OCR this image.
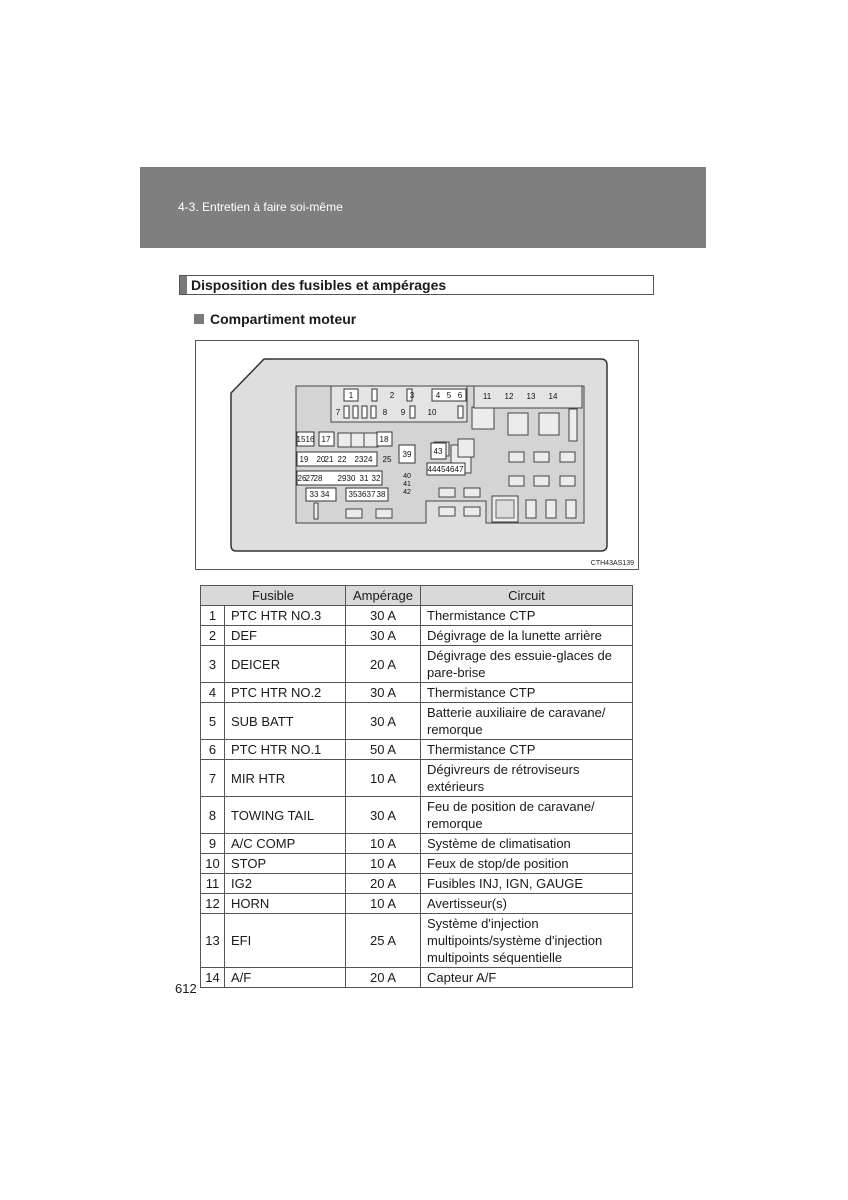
4-3. Entretien à faire soi-même
Disposition des fusibles et ampérages
Compartiment moteur
1	2 3	4 5 6
7	8 9	10
11 12 13 14
15 16 17	18
39	43
19 20 21 22 23 24 25
26 27 28 29 30 31 32
33 34 35 36 37 38
40
41
42
44 45 46 47
CTH43AS139
Fusible		Ampérage	Circuit
1	PTC HTR NO.3	30 A	Thermistance CTP
2	DEF	30 A	Dégivrage de la lunette arrière
3	DEICER	20 A	Dégivrage des essuie-glaces de pare-brise
4	PTC HTR NO.2	30 A	Thermistance CTP
5	SUB BATT	30 A	Batterie auxiliaire de caravane/ remorque
6	PTC HTR NO.1	50 A	Thermistance CTP
7	MIR HTR	10 A	Dégivreurs de rétroviseurs extérieurs
8	TOWING TAIL	30 A	Feu de position de caravane/ remorque
9	A/C COMP	10 A	Système de climatisation
10	STOP	10 A	Feux de stop/de position
11	IG2	20 A	Fusibles INJ, IGN, GAUGE
12	HORN	10 A	Avertisseur(s)
13	EFI	25 A	Système d'injection multipoints/système d'injection multipoints séquentielle
14	A/F	20 A	Capteur A/F
612
